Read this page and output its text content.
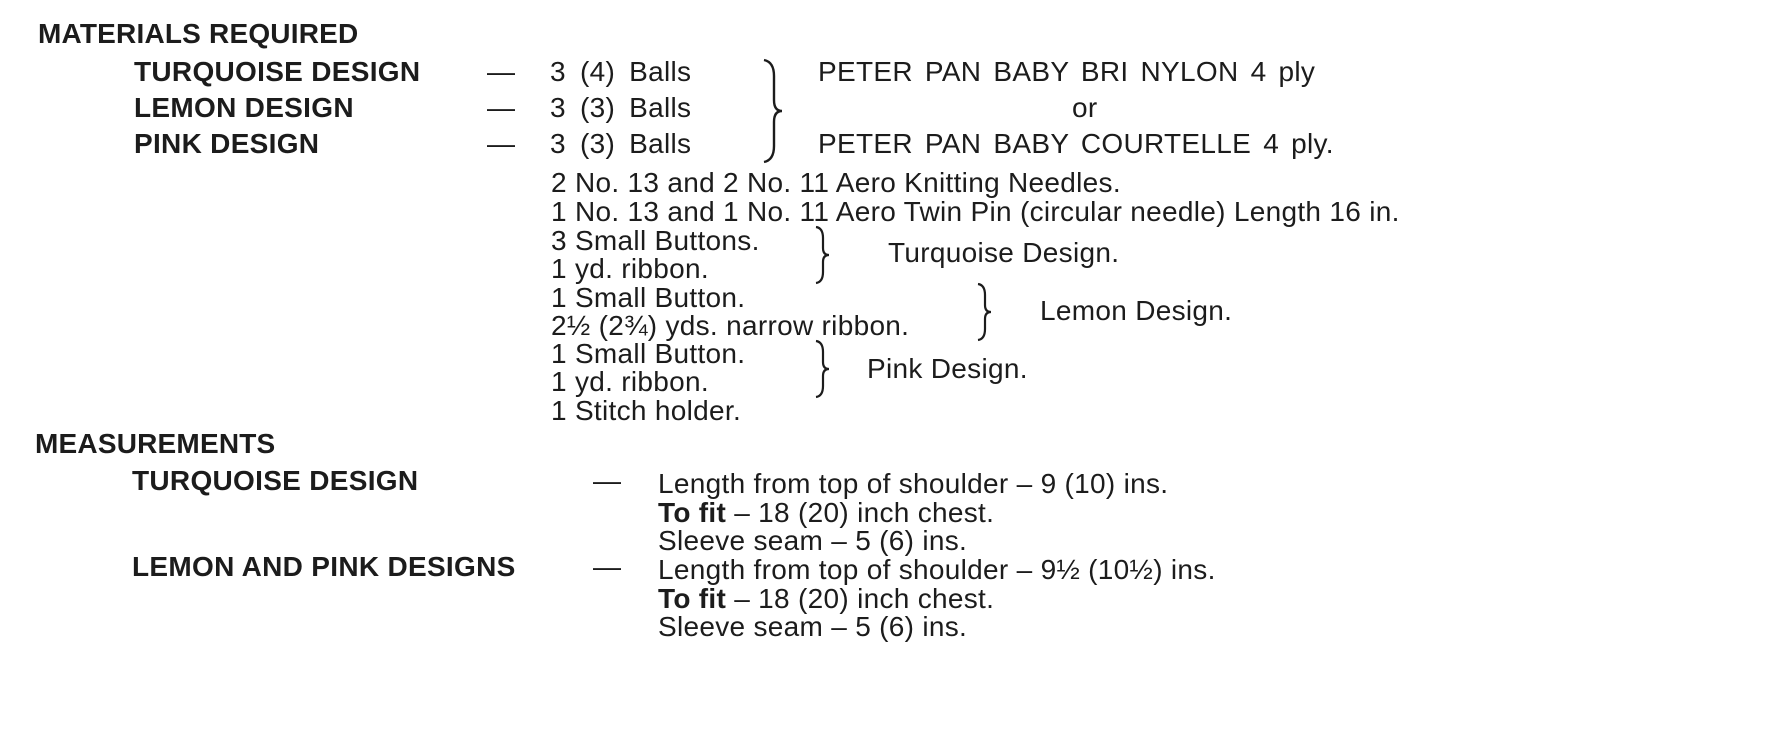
MATERIALS REQUIRED
TURQUOISE DESIGN — 3 (4) Balls
LEMON DESIGN	— 3 (3) Balls
PINK DESIGN	— 3 (3) Balls
PETER PAN BABY BRI NYLON 4 ply
or
PETER PAN BABY COURTELLE 4 ply.
2 No. 13 and 2 No. 11 Aero Knitting Needles.
1 No. 13 and 1 No. 11 Aero Twin Pin (circular needle) Length 16 in.
3 Small Buttons.
1 yd. ribbon.
Turquoise Design.
1 Small Button.
2½ (2¾) yds. narrow ribbon.	Lemon Design.
1 Small Button.
1 yd. ribbon.	Pink Design.
1 Stitch holder.
MEASUREMENTS
TURQUOISE DESIGN	— Length from top of shoulder – 9 (10) ins.
To fit – 18 (20) inch chest.
Sleeve seam – 5 (6) ins.
LEMON AND PINK DESIGNS	— Length from top of shoulder – 9½ (10½) ins.
To fit – 18 (20) inch chest.
Sleeve seam – 5 (6) ins.
